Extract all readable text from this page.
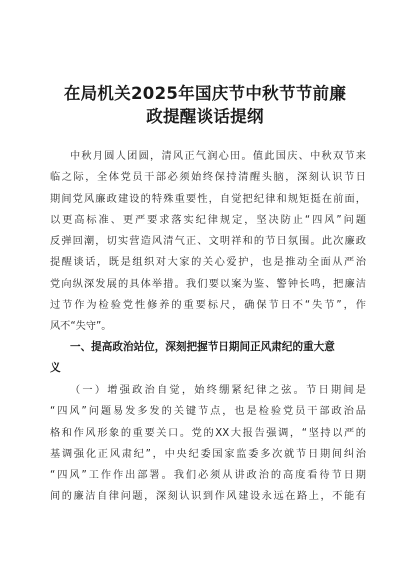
在局机关2025年国庆节中秋节节前廉
政提醒谈话提纲
中秋月圆人团圆，清风正气润心田。值此国庆、中秋双节来
临之际，全体党员干部必须始终保持清醒头脑，深刻认识节日
期间党风廉政建设的特殊重要性，自觉把纪律和规矩挺在前面，
以更高标准、更严要求落实纪律规定，坚决防止“四风”问题
反弹回潮，切实营造风清气正、文明祥和的节日氛围。此次廉政
提醒谈话，既是组织对大家的关心爱护，也是推动全面从严治
党向纵深发展的具体举措。我们要以案为鉴、警钟长鸣，把廉洁
过节作为检验党性修养的重要标尺，确保节日不“失节”，作
风不“失守”。
一、提高政治站位，深刻把握节日期间正风肃纪的重大意
义
（一）增强政治自觉，始终绷紧纪律之弦。节日期间是
“四风”问题易发多发的关键节点，也是检验党员干部政治品
格和作风形象的重要关口。党的XX大报告强调，“坚持以严的
基调强化正风肃纪”，中央纪委国家监委多次就节日期间纠治
“四风”工作作出部署。我们必须从讲政治的高度看待节日期
间的廉洁自律问题，深刻认识到作风建设永远在路上，不能有
